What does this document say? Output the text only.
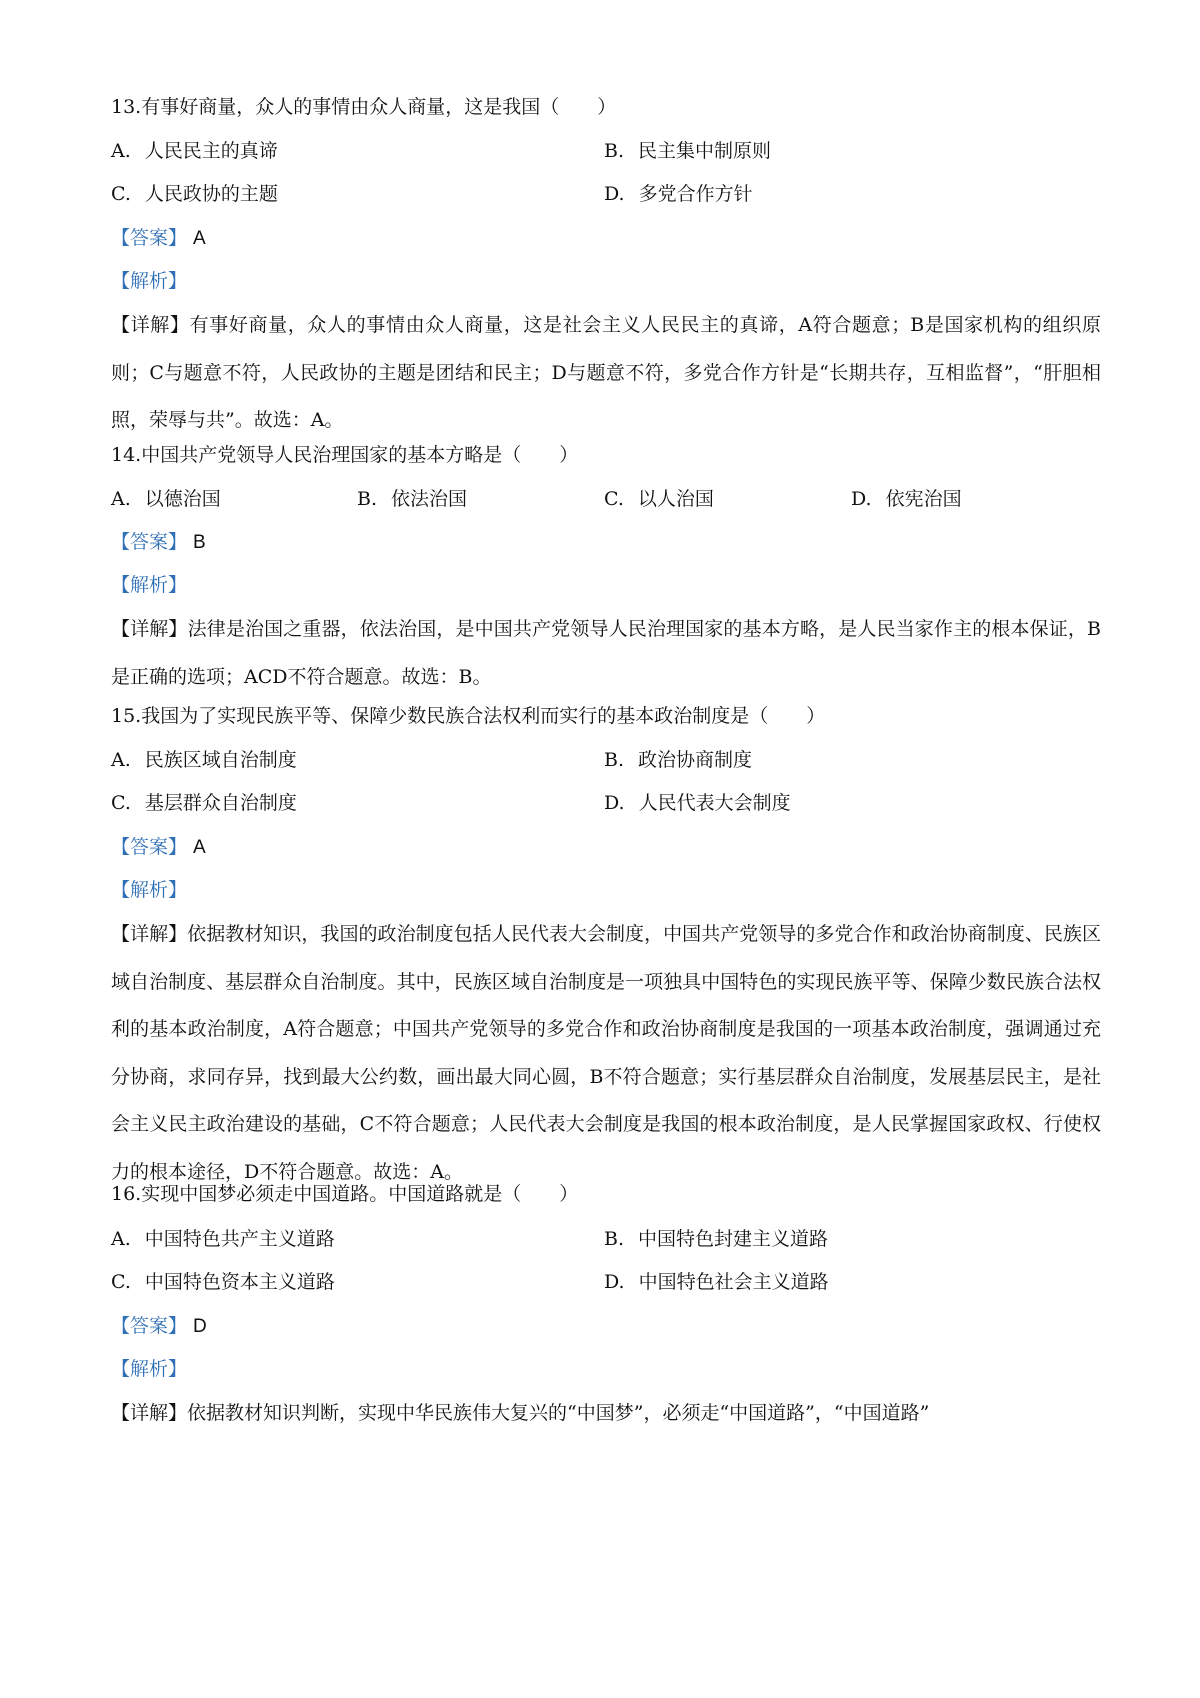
13.有事好商量，众人的事情由众人商量，这是我国（　　）
A. 人民民主的真谛	B. 民主集中制原则
C. 人民政协的主题	D. 多党合作方针
【答案】 A
【解析】
【详解】有事好商量，众人的事情由众人商量，这是社会主义人民民主的真谛，A符合题意；B是国家机构的组织原则；C与题意不符，人民政协的主题是团结和民主；D与题意不符，多党合作方针是“长期共存，互相监督”，“肝胆相照，荣辱与共”。故选：A。
14.中国共产党领导人民治理国家的基本方略是（　　）
A. 以德治国	B. 依法治国	C. 以人治国	D. 依宪治国
【答案】 B
【解析】
【详解】法律是治国之重器，依法治国，是中国共产党领导人民治理国家的基本方略，是人民当家作主的根本保证，B是正确的选项；ACD不符合题意。故选：B。
15.我国为了实现民族平等、保障少数民族合法权利而实行的基本政治制度是（　　）
A. 民族区域自治制度	B. 政治协商制度
C. 基层群众自治制度	D. 人民代表大会制度
【答案】 A
【解析】
【详解】依据教材知识，我国的政治制度包括人民代表大会制度，中国共产党领导的多党合作和政治协商制度、民族区域自治制度、基层群众自治制度。其中，民族区域自治制度是一项独具中国特色的实现民族平等、保障少数民族合法权利的基本政治制度，A符合题意；中国共产党领导的多党合作和政治协商制度是我国的一项基本政治制度，强调通过充分协商，求同存异，找到最大公约数，画出最大同心圆，B不符合题意；实行基层群众自治制度，发展基层民主，是社会主义民主政治建设的基础，C不符合题意；人民代表大会制度是我国的根本政治制度，是人民掌握国家政权、行使权力的根本途径，D不符合题意。故选：A。
16.实现中国梦必须走中国道路。中国道路就是（　　）
A. 中国特色共产主义道路	B. 中国特色封建主义道路
C. 中国特色资本主义道路	D. 中国特色社会主义道路
【答案】 D
【解析】
【详解】依据教材知识判断，实现中华民族伟大复兴的“中国梦”，必须走“中国道路”，“中国道路”
